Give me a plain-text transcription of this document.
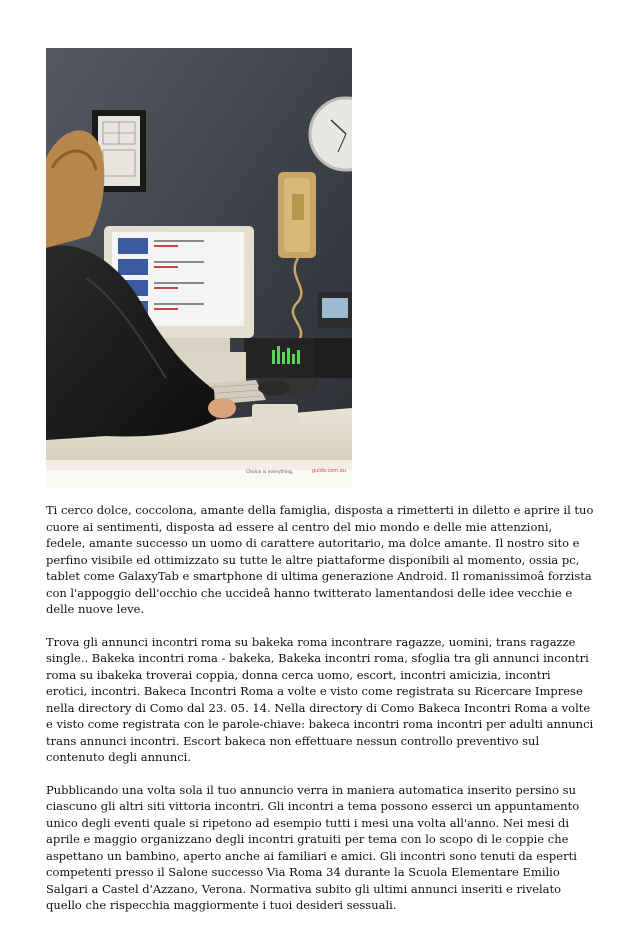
Choice is everything.	guide.com.au

Ti cerco dolce, coccolona, amante della famiglia, disposta a rimetterti in diletto e aprire il tuo cuore ai sentimenti, disposta ad essere al centro del mio mondo e delle mie attenzioni, fedele, amante successo un uomo di carattere autoritario, ma dolce amante. Il nostro sito e perfino visibile ed ottimizzato su tutte le altre piattaforme disponibili al momento, ossia pc, tablet come GalaxyTab e smartphone di ultima generazione Android. Il romanissimoâ forzista con l'appoggio dell'occhio che uccideâ hanno twitterato lamentandosi delle idee vecchie e delle nuove leve.

Trova gli annunci incontri roma su bakeka roma incontrare ragazze, uomini, trans ragazze single.. Bakeka incontri roma - bakeka, Bakeka incontri roma, sfoglia tra gli annunci incontri roma su ibakeka troverai coppia, donna cerca uomo, escort, incontri amicizia, incontri erotici, incontri. Bakeca Incontri Roma a volte e visto come registrata su Ricercare Imprese nella directory di Como dal 23. 05. 14. Nella directory di Como Bakeca Incontri Roma a volte e visto come registrata con le parole-chiave: bakeca incontri roma incontri per adulti annunci trans annunci incontri. Escort bakeca non effettuare nessun controllo preventivo sul contenuto degli annunci.

Pubblicando una volta sola il tuo annuncio verra in maniera automatica inserito persino su ciascuno gli altri siti vittoria incontri. Gli incontri a tema possono esserci un appuntamento unico degli eventi quale si ripetono ad esempio tutti i mesi una volta all'anno. Nei mesi di aprile e maggio organizzano degli incontri gratuiti per tema con lo scopo di le coppie che aspettano un bambino, aperto anche ai familiari e amici. Gli incontri sono tenuti da esperti competenti presso il Salone successo Via Roma 34 durante la Scuola Elementare Emilio Salgari a Castel d'Azzano, Verona. Normativa subito gli ultimi annunci inseriti e rivelato quello che rispecchia maggiormente i tuoi desideri sessuali.
